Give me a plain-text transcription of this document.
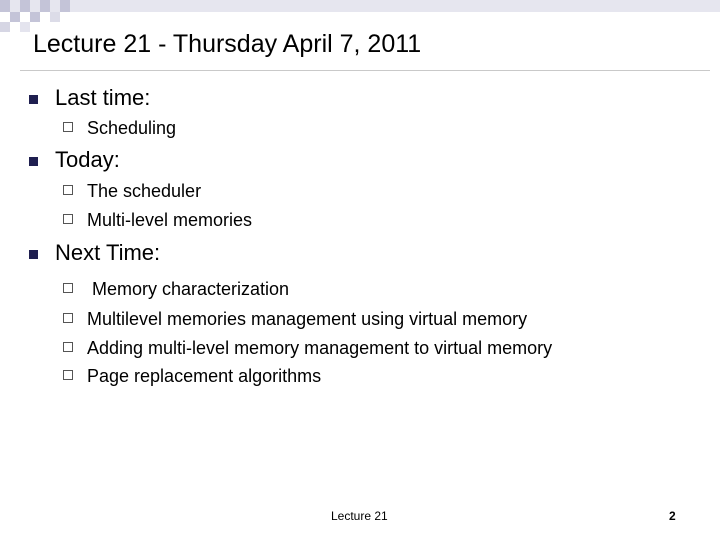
Lecture 21 - Thursday April 7, 2011
Last time:
Scheduling
Today:
The scheduler
Multi-level memories
Next Time:
Memory characterization
Multilevel memories management using virtual memory
Adding multi-level memory management to virtual memory
Page replacement algorithms
Lecture 21	2
